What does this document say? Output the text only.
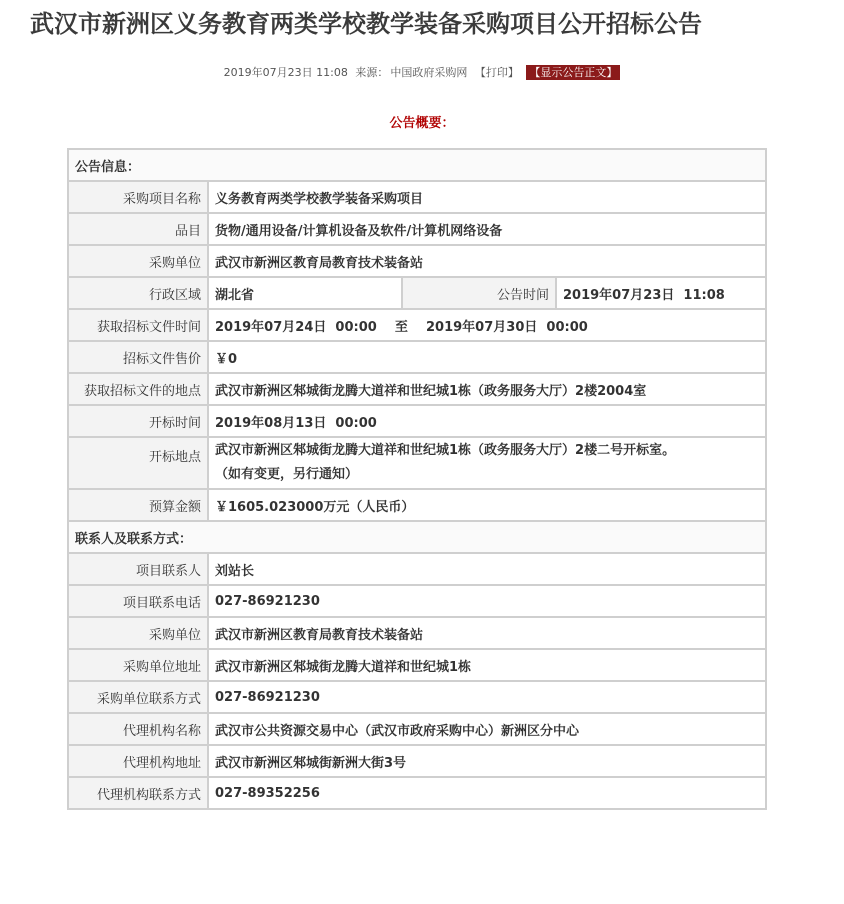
武汉市新洲区义务教育两类学校教学装备采购项目公开招标公告
2019年07月23日 11:08 来源： 中国政府采购网 【打印】 【显示公告正文】
公告概要：
公告信息：			
采购项目名称	义务教育两类学校教学装备采购项目		
品目	货物/通用设备/计算机设备及软件/计算机网络设备		
采购单位	武汉市新洲区教育局教育技术装备站		
行政区域	湖北省	公告时间	2019年07月23日  11:08
获取招标文件时间	2019年07月24日  00:00    至    2019年07月30日  00:00		
招标文件售价	￥0		
获取招标文件的地点	武汉市新洲区邾城街龙腾大道祥和世纪城1栋（政务服务大厅）2楼2004室		
开标时间	2019年08月13日  00:00		
开标地点	武汉市新洲区邾城街龙腾大道祥和世纪城1栋（政务服务大厅）2楼二号开标室。
（如有变更，另行通知）		

预算金额	￥1605.023000万元（人民币）		
联系人及联系方式：			
项目联系人	刘站长		
项目联系电话	027-86921230		
采购单位	武汉市新洲区教育局教育技术装备站		
采购单位地址	武汉市新洲区邾城街龙腾大道祥和世纪城1栋		
采购单位联系方式	027-86921230		
代理机构名称	武汉市公共资源交易中心（武汉市政府采购中心）新洲区分中心		
代理机构地址	武汉市新洲区邾城街新洲大街3号		
代理机构联系方式	027-89352256		
